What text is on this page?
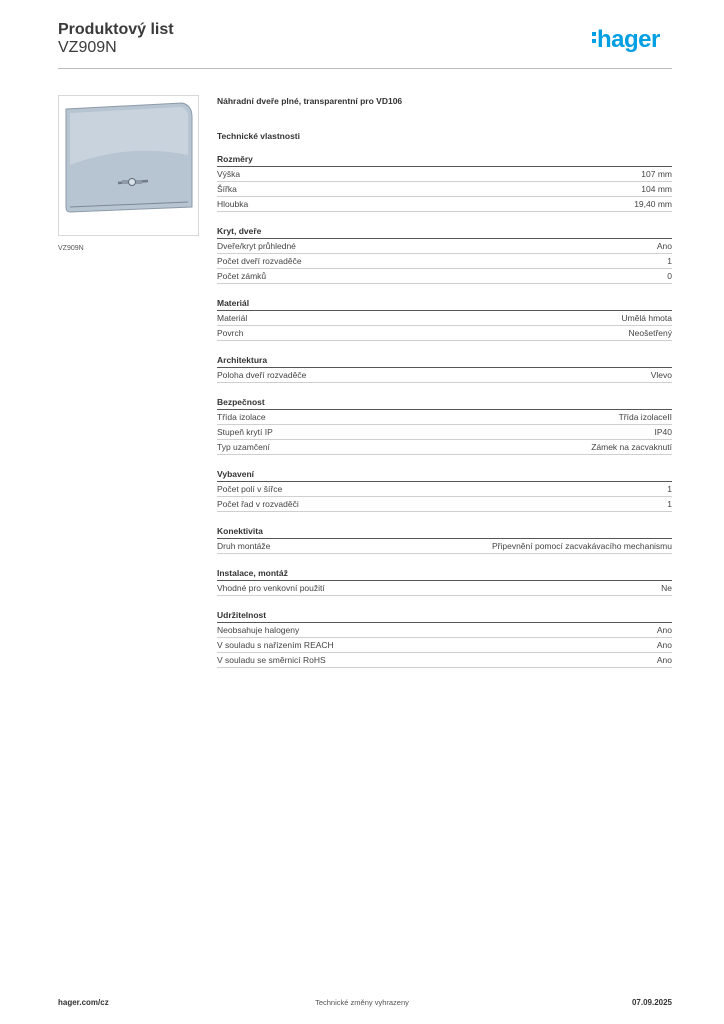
Produktový list
VZ909N	hager
VZ909N
Náhradní dveře plné, transparentní pro VD106
Technické vlastnosti
Rozměry
Výška	107 mm
Šířka	104 mm
Hloubka	19,40 mm
Kryt, dveře
Dveře/kryt průhledné	Ano
Počet dveří rozvaděče	1
Počet zámků	0
Materiál
Materiál	Umělá hmota
Povrch	Neošetřený
Architektura
Poloha dveří rozvaděče	Vlevo
Bezpečnost
Třída izolace	Třída izolaceII
Stupeň krytí IP	IP40
Typ uzamčení	Zámek na zacvaknutí
Vybavení
Počet polí v šířce	1
Počet řad v rozvaděči	1
Konektivita
Druh montáže	Připevnění pomocí zacvakávacího mechanismu
Instalace, montáž
Vhodné pro venkovní použití	Ne
Udržitelnost
Neobsahuje halogeny	Ano
V souladu s nařízením REACH	Ano
V souladu se směrnicí RoHS	Ano
hager.com/cz	Technické změny vyhrazeny	07.09.2025
